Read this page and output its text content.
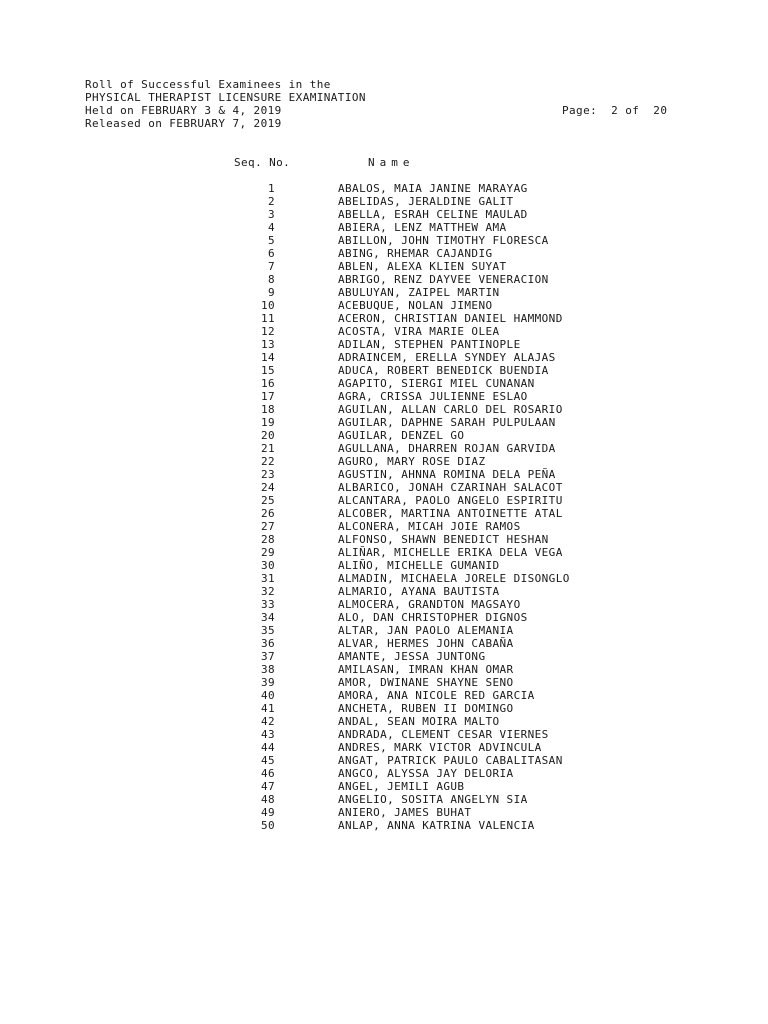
Roll of Successful Examinees in the
PHYSICAL THERAPIST LICENSURE EXAMINATION
Held on FEBRUARY 3 & 4, 2019
Released on FEBRUARY 7, 2019
Page:  2 of  20
Seq. No.	Name
1	ABALOS, MAIA JANINE MARAYAG
2	ABELIDAS, JERALDINE GALIT
3	ABELLA, ESRAH CELINE MAULAD
4	ABIERA, LENZ MATTHEW AMA
5	ABILLON, JOHN TIMOTHY FLORESCA
6	ABING, RHEMAR CAJANDIG
7	ABLEN, ALEXA KLIEN SUYAT
8	ABRIGO, RENZ DAYVEE VENERACION
9	ABULUYAN, ZAIPEL MARTIN
10	ACEBUQUE, NOLAN JIMENO
11	ACERON, CHRISTIAN DANIEL HAMMOND
12	ACOSTA, VIRA MARIE OLEA
13	ADILAN, STEPHEN PANTINOPLE
14	ADRAINCEM, ERELLA SYNDEY ALAJAS
15	ADUCA, ROBERT BENEDICK BUENDIA
16	AGAPITO, SIERGI MIEL CUNANAN
17	AGRA, CRISSA JULIENNE ESLAO
18	AGUILAN, ALLAN CARLO DEL ROSARIO
19	AGUILAR, DAPHNE SARAH PULPULAAN
20	AGUILAR, DENZEL GO
21	AGULLANA, DHARREN ROJAN GARVIDA
22	AGURO, MARY ROSE DIAZ
23	AGUSTIN, AHNNA ROMINA DELA PEÑA
24	ALBARICO, JONAH CZARINAH SALACOT
25	ALCANTARA, PAOLO ANGELO ESPIRITU
26	ALCOBER, MARTINA ANTOINETTE ATAL
27	ALCONERA, MICAH JOIE RAMOS
28	ALFONSO, SHAWN BENEDICT HESHAN
29	ALIÑAR, MICHELLE ERIKA DELA VEGA
30	ALIÑO, MICHELLE GUMANID
31	ALMADIN, MICHAELA JORELE DISONGLO
32	ALMARIO, AYANA BAUTISTA
33	ALMOCERA, GRANDTON MAGSAYO
34	ALO, DAN CHRISTOPHER DIGNOS
35	ALTAR, JAN PAOLO ALEMANIA
36	ALVAR, HERMES JOHN CABAÑA
37	AMANTE, JESSA JUNTONG
38	AMILASAN, IMRAN KHAN OMAR
39	AMOR, DWINANE SHAYNE SENO
40	AMORA, ANA NICOLE RED GARCIA
41	ANCHETA, RUBEN II DOMINGO
42	ANDAL, SEAN MOIRA MALTO
43	ANDRADA, CLEMENT CESAR VIERNES
44	ANDRES, MARK VICTOR ADVINCULA
45	ANGAT, PATRICK PAULO CABALITASAN
46	ANGCO, ALYSSA JAY DELORIA
47	ANGEL, JEMILI AGUB
48	ANGELIO, SOSITA ANGELYN SIA
49	ANIERO, JAMES BUHAT
50	ANLAP, ANNA KATRINA VALENCIA
